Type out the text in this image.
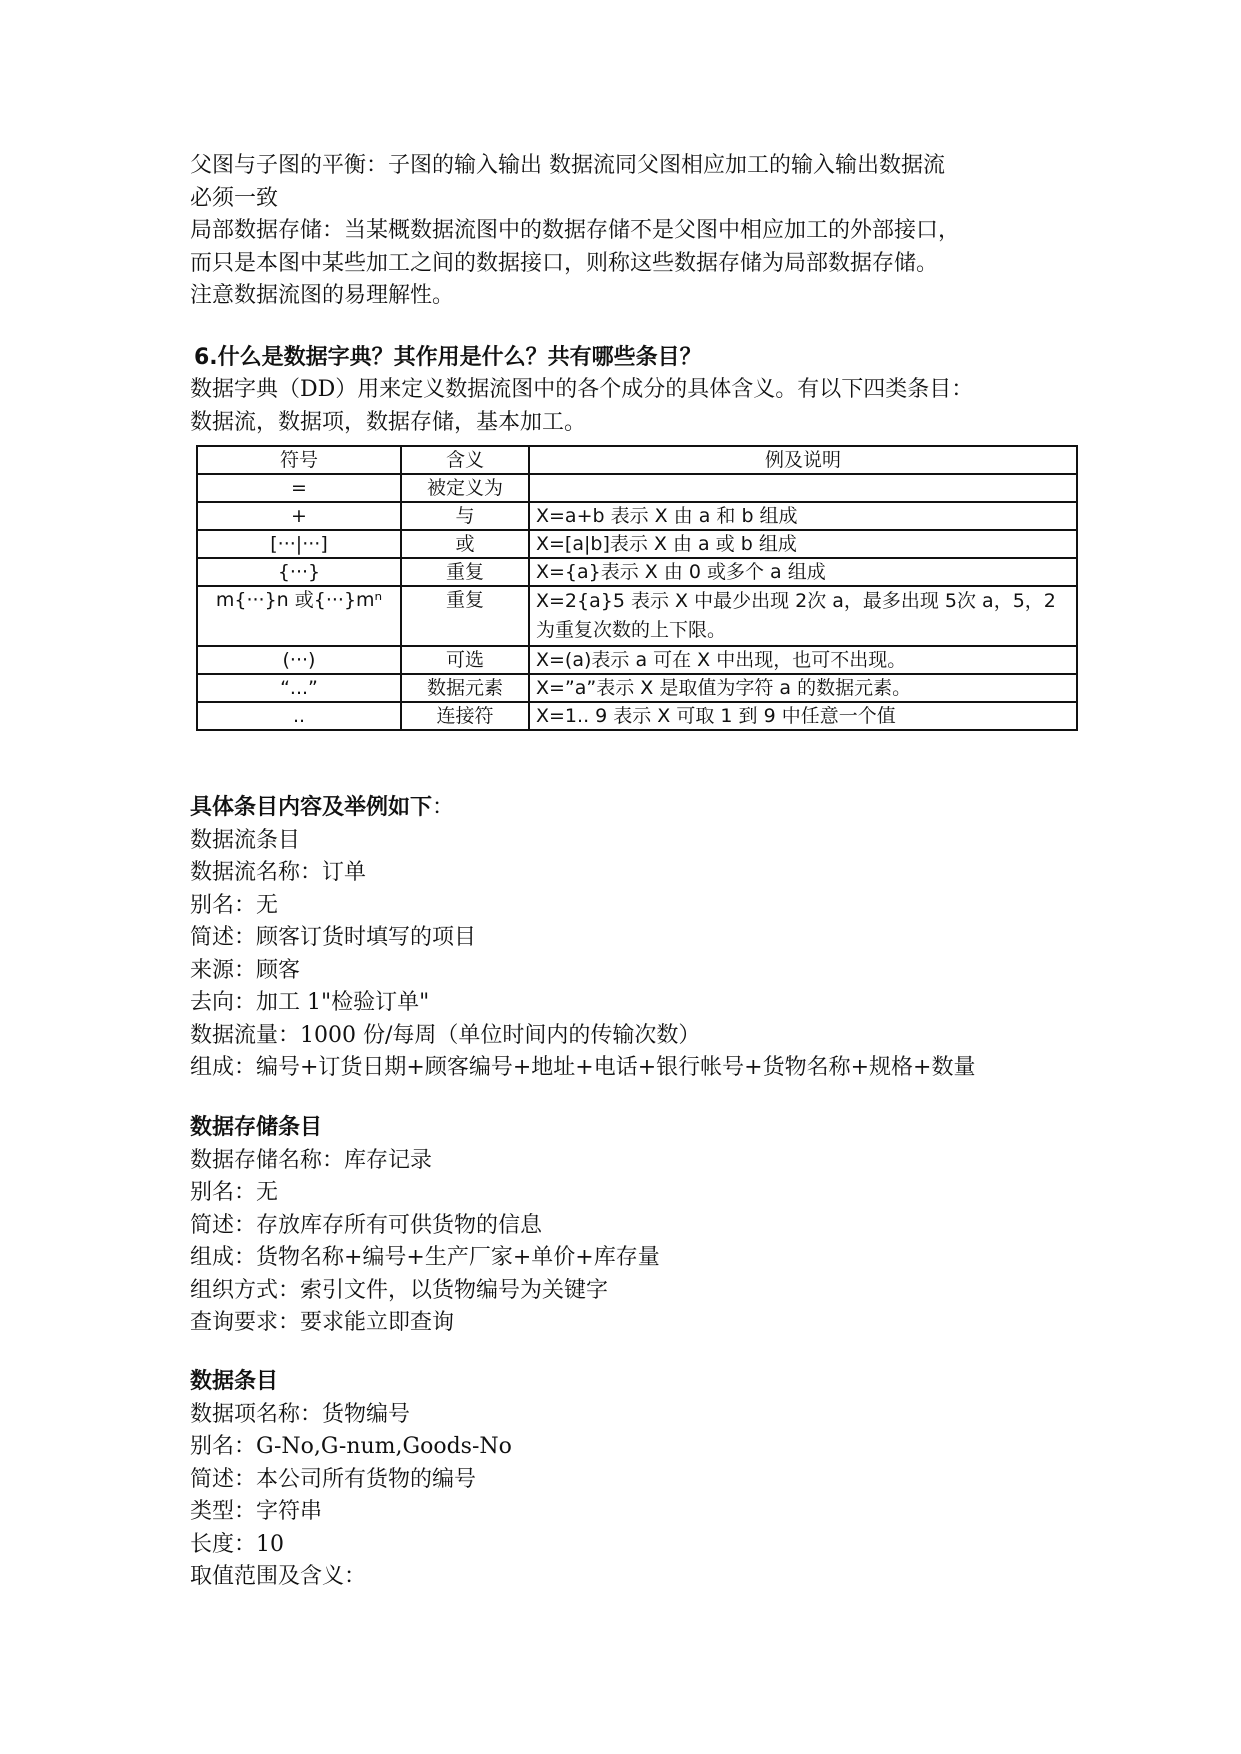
父图与子图的平衡：子图的输入输出 数据流同父图相应加工的输入输出数据流
必须一致
局部数据存储：当某概数据流图中的数据存储不是父图中相应加工的外部接口，
而只是本图中某些加工之间的数据接口，则称这些数据存储为局部数据存储。
注意数据流图的易理解性。
6.什么是数据字典？其作用是什么？共有哪些条目？
数据字典（DD）用来定义数据流图中的各个成分的具体含义。有以下四类条目：
数据流，数据项，数据存储，基本加工。
符号	含义	例及说明
=	被定义为	
+	与	X=a+b 表示 X 由 a 和 b 组成
[···|···]	或	X=[a|b]表示 X 由 a 或 b 组成
{···}	重复	X={a}表示 X 由 0 或多个 a 组成
m{···}n 或{···}mⁿ	重复	X=2{a}5 表示 X 中最少出现 2次 a，最多出现 5次 a，5，2 为重复次数的上下限。
(···)	可选	X=(a)表示 a 可在 X 中出现，也可不出现。
“...”	数据元素	X=”a”表示 X 是取值为字符 a 的数据元素。
..	连接符	X=1.. 9 表示 X 可取 1 到 9 中任意一个值
具体条目内容及举例如下：
数据流条目
数据流名称：订单
别名：无
简述：顾客订货时填写的项目
来源：顾客
去向：加工 1"检验订单"
数据流量：1000 份/每周（单位时间内的传输次数）
组成：编号+订货日期+顾客编号+地址+电话+银行帐号+货物名称+规格+数量
数据存储条目
数据存储名称：库存记录
别名：无
简述：存放库存所有可供货物的信息
组成：货物名称+编号+生产厂家+单价+库存量
组织方式：索引文件，以货物编号为关键字
查询要求：要求能立即查询
数据条目
数据项名称：货物编号
别名：G-No,G-num,Goods-No
简述：本公司所有货物的编号
类型：字符串
长度：10
取值范围及含义：
